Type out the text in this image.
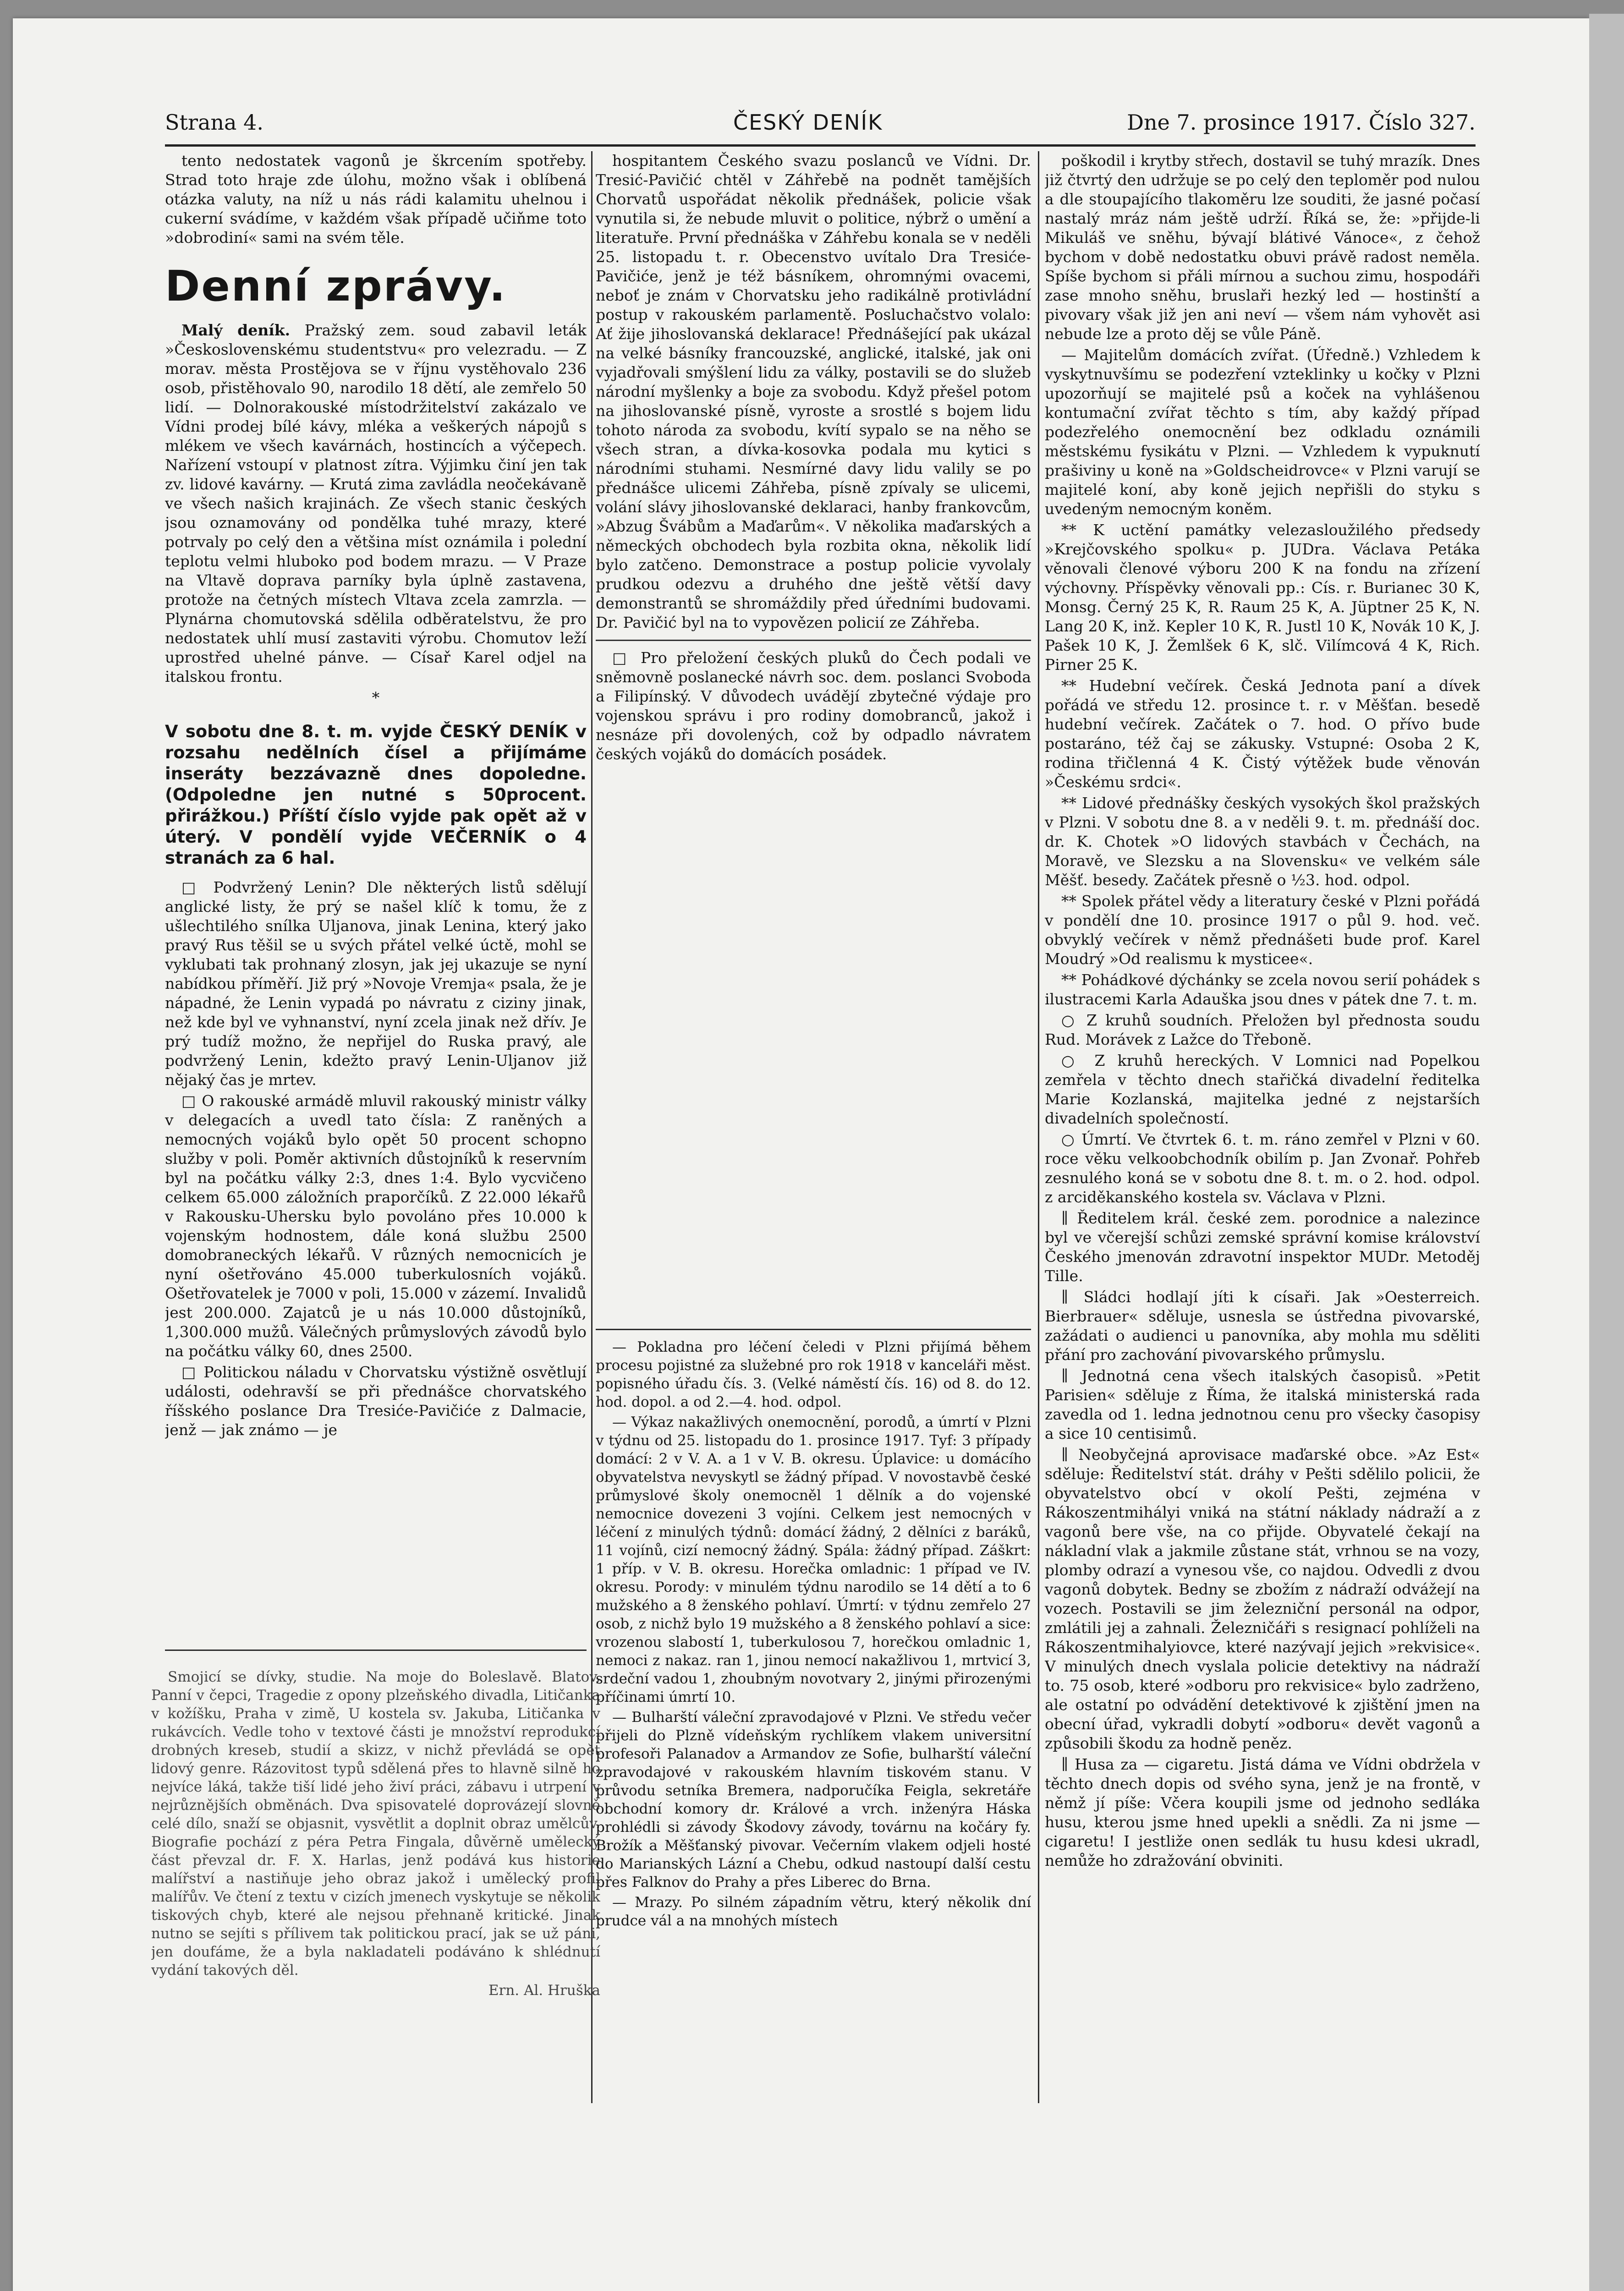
Strana 4.	ČESKÝ DENÍK	Dne 7. prosince 1917. Číslo 327.

tento nedostatek vagonů je škrcením spotřeby. Strad toto hraje zde úlohu, možno však i oblíbená otázka valuty, na níž u nás rádi kalamitu uhelnou i cukerní svádíme, v každém však případě učiňme toto »dobrodiní« sami na svém těle.

Denní zprávy.

Malý deník. Pražský zem. soud zabavil leták »Československému studentstvu« pro velezradu. — Z morav. města Prostějova se v říjnu vystěhovalo 236 osob, přistěhovalo 90, narodilo 18 dětí, ale zemřelo 50 lidí. — Dolnorakouské místodržitelství zakázalo ve Vídni prodej bílé kávy, mléka a veškerých nápojů s mlékem ve všech kavárnách, hostincích a výčepech. Nařízení vstoupí v platnost zítra. Výjimku činí jen tak zv. lidové kavárny. — Krutá zima zavládla neočekávaně ve všech našich krajinách. Ze všech stanic českých jsou oznamovány od pondělka tuhé mrazy, které potrvaly po celý den a většina míst oznámila i polední teplotu velmi hluboko pod bodem mrazu. — V Praze na Vltavě doprava parníky byla úplně zastavena, protože na četných místech Vltava zcela zamrzla. — Plynárna chomutovská sdělila odběratelstvu, že pro nedostatek uhlí musí zastaviti výrobu. Chomutov leží uprostřed uhelné pánve. — Císař Karel odjel na italskou frontu.

*

V sobotu dne 8. t. m. vyjde ČESKÝ DENÍK v rozsahu nedělních čísel a přijímáme inseráty bezzávazně dnes dopoledne. (Odpoledne jen nutné s 50procent. přirážkou.) Příští číslo vyjde pak opět až v úterý. V pondělí vyjde VEČERNÍK o 4 stranách za 6 hal.

□ Podvržený Lenin? Dle některých listů sdělují anglické listy, že prý se našel klíč k tomu, že z ušlechtilého snílka Uljanova, jinak Lenina, který jako pravý Rus těšil se u svých přátel velké úctě, mohl se vyklubati tak prohnaný zlosyn, jak jej ukazuje se nyní nabídkou příměří. Již prý »Novoje Vremja« psala, že je nápadné, že Lenin vypadá po návratu z ciziny jinak, než kde byl ve vyhnanství, nyní zcela jinak než dřív. Je prý tudíž možno, že nepřijel do Ruska pravý, ale podvržený Lenin, kdežto pravý Lenin-Uljanov již nějaký čas je mrtev.

□ O rakouské armádě mluvil rakouský ministr války v delegacích a uvedl tato čísla: Z raněných a nemocných vojáků bylo opět 50 procent schopno služby v poli. Poměr aktivních důstojníků k reservním byl na počátku války 2:3, dnes 1:4. Bylo vycvičeno celkem 65.000 záložních praporčíků. Z 22.000 lékařů v Rakousku-Uhersku bylo povoláno přes 10.000 k vojenským hodnostem, dále koná službu 2500 domobraneckých lékařů. V různých nemocnicích je nyní ošetřováno 45.000 tuberkulosních vojáků. Ošetřovatelek je 7000 v poli, 15.000 v zázemí. Invalidů jest 200.000. Zajatců je u nás 10.000 důstojníků, 1,300.000 mužů. Válečných průmyslových závodů bylo na počátku války 60, dnes 2500.

□ Politickou náladu v Chorvatsku výstižně osvětlují události, odehravší se při přednášce chorvatského říšského poslance Dra Tresiće-Pavičiće z Dalmacie, jenž — jak známo — je

Smojicí se dívky, studie. Na moje do Boleslavě. Blatov, Panní v čepci, Tragedie z opony plzeňského divadla, Litičanka v kožíšku, Praha v zimě, U kostela sv. Jakuba, Litičanka v rukávcích. Vedle toho v textové části je množství reprodukcí drobných kreseb, studií a skizz, v nichž převládá se opět lidový genre. Rázovitost typů sdělená přes to hlavně silně ho nejvíce láká, takže tiší lidé jeho živí práci, zábavu i utrpení v nejrůznějších obměnách. Dva spisovatelé doprovázejí slovně celé dílo, snaží se objasnit, vysvětlit a doplnit obraz umělcův. Biografie pochází z péra Petra Fingala, důvěrně umělecký část převzal dr. F. X. Harlas, jenž podává kus historie malířství a nastiňuje jeho obraz jakož i umělecký profil malířův. Ve čtení z textu v cizích jmenech vyskytuje se několik tiskových chyb, které ale nejsou přehnaně kritické. Jinak nutno se sejíti s přílivem tak politickou prací, jak se už páni, jen doufáme, že a byla nakladateli podáváno k shlédnutí vydání takových děl.

Ern. Al. Hruška

hospitantem Českého svazu poslanců ve Vídni. Dr. Tresić-Pavičić chtěl v Záhřebě na podnět tamějších Chorvatů uspořádat několik přednášek, policie však vynutila si, že nebude mluvit o politice, nýbrž o umění a literatuře. První přednáška v Záhřebu konala se v neděli 25. listopadu t. r. Obecenstvo uvítalo Dra Tresiće-Pavičiće, jenž je též básníkem, ohromnými ovacemi, neboť je znám v Chorvatsku jeho radikálně protivládní postup v rakouském parlamentě. Posluchačstvo volalo: Ať žije jihoslovanská deklarace! Přednášející pak ukázal na velké básníky francouzské, anglické, italské, jak oni vyjadřovali smýšlení lidu za války, postavili se do služeb národní myšlenky a boje za svobodu. Když přešel potom na jihoslovanské písně, vyroste a srostlé s bojem lidu tohoto národa za svobodu, kvítí sypalo se na něho se všech stran, a dívka-kosovka podala mu kytici s národními stuhami. Nesmírné davy lidu valily se po přednášce ulicemi Záhřeba, písně zpívaly se ulicemi, volání slávy jihoslovanské deklaraci, hanby frankovcům, »Abzug Švábům a Maďarům«. V několika maďarských a německých obchodech byla rozbita okna, několik lidí bylo zatčeno. Demonstrace a postup policie vyvolaly prudkou odezvu a druhého dne ještě větší davy demonstrantů se shromáždily před úředními budovami. Dr. Pavičić byl na to vypovězen policií ze Záhřeba.

□ Pro přeložení českých pluků do Čech podali ve sněmovně poslanecké návrh soc. dem. poslanci Svoboda a Filipínský. V důvodech uvádějí zbytečné výdaje pro vojenskou správu i pro rodiny domobranců, jakož i nesnáze při dovolených, což by odpadlo návratem českých vojáků do domácích posádek.

— Pokladna pro léčení čeledi v Plzni přijímá během procesu pojistné za služebné pro rok 1918 v kanceláři měst. popisného úřadu čís. 3. (Velké náměstí čís. 16) od 8. do 12. hod. dopol. a od 2.—4. hod. odpol.

— Výkaz nakažlivých onemocnění, porodů, a úmrtí v Plzni v týdnu od 25. listopadu do 1. prosince 1917. Tyf: 3 případy domácí: 2 v V. A. a 1 v V. B. okresu. Úplavice: u domácího obyvatelstva nevyskytl se žádný případ. V novostavbě české průmyslové školy onemocněl 1 dělník a do vojenské nemocnice dovezeni 3 vojíni. Celkem jest nemocných v léčení z minulých týdnů: domácí žádný, 2 dělníci z baráků, 11 vojínů, cizí nemocný žádný. Spála: žádný případ. Záškrt: 1 příp. v V. B. okresu. Horečka omladnic: 1 případ ve IV. okresu. Porody: v minulém týdnu narodilo se 14 dětí a to 6 mužského a 8 ženského pohlaví. Úmrtí: v týdnu zemřelo 27 osob, z nichž bylo 19 mužského a 8 ženského pohlaví a sice: vrozenou slabostí 1, tuberkulosou 7, horečkou omladnic 1, nemoci z nakaz. ran 1, jinou nemocí nakažlivou 1, mrtvicí 3, srdeční vadou 1, zhoubným novotvary 2, jinými přirozenými příčinami úmrtí 10.

— Bulharští váleční zpravodajové v Plzni. Ve středu večer přijeli do Plzně vídeňským rychlíkem vlakem universitní profesoři Palanadov a Armandov ze Sofie, bulharští váleční zpravodajové v rakouském hlavním tiskovém stanu. V průvodu setníka Bremera, nadporučíka Feigla, sekretáře obchodní komory dr. Králové a vrch. inženýra Háska prohlédli si závody Škodovy závody, továrnu na kočáry fy. Brožík a Měšťanský pivovar. Večerním vlakem odjeli hosté do Marianských Lázní a Chebu, odkud nastoupí další cestu přes Falknov do Prahy a přes Liberec do Brna.

— Mrazy. Po silném západním větru, který několik dní prudce vál a na mnohých místech

poškodil i krytby střech, dostavil se tuhý mrazík. Dnes již čtvrtý den udržuje se po celý den teploměr pod nulou a dle stoupajícího tlakoměru lze souditi, že jasné počasí nastalý mráz nám ještě udrží. Říká se, že: »přijde-li Mikuláš ve sněhu, bývají blátivé Vánoce«, z čehož bychom v době nedostatku obuvi právě radost neměla. Spíše bychom si přáli mírnou a suchou zimu, hospodáři zase mnoho sněhu, bruslaři hezký led — hostinští a pivovary však již jen ani neví — všem nám vyhovět asi nebude lze a proto děj se vůle Páně.

— Majitelům domácích zvířat. (Úředně.) Vzhledem k vyskytnuvšímu se podezření vzteklinky u kočky v Plzni upozorňují se majitelé psů a koček na vyhlášenou kontumační zvířat těchto s tím, aby každý případ podezřelého onemocnění bez odkladu oznámili městskému fysikátu v Plzni. — Vzhledem k vypuknutí prašiviny u koně na »Goldscheidrovce« v Plzni varují se majitelé koní, aby koně jejich nepřišli do styku s uvedeným nemocným koněm.

** K uctění památky velezasloužilého předsedy »Krejčovského spolku« p. JUDra. Václava Petáka věnovali členové výboru 200 K na fondu na zřízení výchovny. Příspěvky věnovali pp.: Cís. r. Burianec 30 K, Monsg. Černý 25 K, R. Raum 25 K, A. Jüptner 25 K, N. Lang 20 K, inž. Kepler 10 K, R. Justl 10 K, Novák 10 K, J. Pašek 10 K, J. Žemlšek 6 K, slč. Vilímcová 4 K, Rich. Pirner 25 K.

** Hudební večírek. Česká Jednota paní a dívek pořádá ve středu 12. prosince t. r. v Měšťan. besedě hudební večírek. Začátek o 7. hod. O přívo bude postaráno, též čaj se zákusky. Vstupné: Osoba 2 K, rodina třičlenná 4 K. Čistý výtěžek bude věnován »Českému srdci«.

** Lidové přednášky českých vysokých škol pražských v Plzni. V sobotu dne 8. a v neděli 9. t. m. přednáší doc. dr. K. Chotek »O lidových stavbách v Čechách, na Moravě, ve Slezsku a na Slovensku« ve velkém sále Měšť. besedy. Začátek přesně o ½3. hod. odpol.

** Spolek přátel vědy a literatury české v Plzni pořádá v pondělí dne 10. prosince 1917 o půl 9. hod. več. obvyklý večírek v němž přednášeti bude prof. Karel Moudrý »Od realismu k mysticee«.

** Pohádkové dýchánky se zcela novou serií pohádek s ilustracemi Karla Adauška jsou dnes v pátek dne 7. t. m.

○ Z kruhů soudních. Přeložen byl přednosta soudu Rud. Morávek z Lažce do Třeboně.

○ Z kruhů hereckých. V Lomnici nad Popelkou zemřela v těchto dnech stařičká divadelní ředitelka Marie Kozlanská, majitelka jedné z nejstarších divadelních společností.

○ Úmrtí. Ve čtvrtek 6. t. m. ráno zemřel v Plzni v 60. roce věku velkoobchodník obilím p. Jan Zvonař. Pohřeb zesnulého koná se v sobotu dne 8. t. m. o 2. hod. odpol. z arciděkanského kostela sv. Václava v Plzni.

∥ Ředitelem král. české zem. porodnice a nalezince byl ve včerejší schůzi zemské správní komise království Českého jmenován zdravotní inspektor MUDr. Metoděj Tille.

∥ Sládci hodlají jíti k císaři. Jak »Oesterreich. Bierbrauer« sděluje, usnesla se ústředna pivovarské, zažádati o audienci u panovníka, aby mohla mu sděliti přání pro zachování pivovarského průmyslu.

∥ Jednotná cena všech italských časopisů. »Petit Parisien« sděluje z Říma, že italská ministerská rada zavedla od 1. ledna jednotnou cenu pro všecky časopisy a sice 10 centisimů.

∥ Neobyčejná aprovisace maďarské obce. »Az Est« sděluje: Ředitelství stát. dráhy v Pešti sdělilo policii, že obyvatelstvo obcí v okolí Pešti, zejména v Rákoszentmihályi vniká na státní náklady nádraží a z vagonů bere vše, na co přijde. Obyvatelé čekají na nákladní vlak a jakmile zůstane stát, vrhnou se na vozy, plomby odrazí a vynesou vše, co najdou. Odvedli z dvou vagonů dobytek. Bedny se zbožím z nádraží odvážejí na vozech. Postavili se jim železniční personál na odpor, zmlátili jej a zahnali. Železničáři s resignací pohlíželi na Rákoszentmihalyiovce, které nazývají jejich »rekvisice«. V minulých dnech vyslala policie detektivy na nádraží to. 75 osob, které »odboru pro rekvisice« bylo zadrženo, ale ostatní po odvádění detektivové k zjištění jmen na obecní úřad, vykradli dobytí »odboru« devět vagonů a způsobili škodu za hodně peněz.

∥ Husa za — cigaretu. Jistá dáma ve Vídni obdržela v těchto dnech dopis od svého syna, jenž je na frontě, v němž jí píše: Včera koupili jsme od jednoho sedláka husu, kterou jsme hned upekli a snědli. Za ni jsme — cigaretu! I jestliže onen sedlák tu husu kdesi ukradl, nemůže ho zdražování obviniti.
